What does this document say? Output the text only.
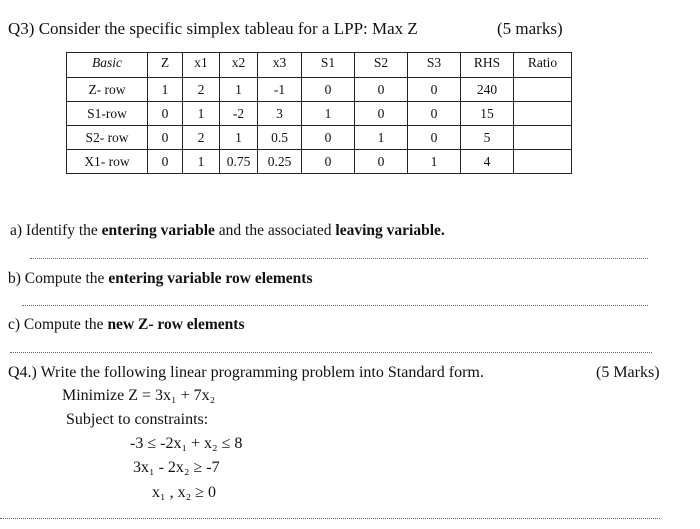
Q3) Consider the specific simplex tableau for a LPP: Max Z	(5 marks)
Basic	Z	x1	x2	x3	S1	S2	S3	RHS	Ratio
Z- row	1	2	1	-1	0	0	0	240	
S1-row	0	1	-2	3	1	0	0	15	
S2- row	0	2	1	0.5	0	1	0	5	
X1- row	0	1	0.75	0.25	0	0	1	4	
a) Identify the entering variable and the associated leaving variable.
b) Compute the entering variable row elements
c) Compute the new Z- row elements
Q4.) Write the following linear programming problem into Standard form.	(5 Marks)
Minimize Z = 3x₁ + 7x₂
Subject to constraints:
-3 ≤ -2x₁ + x₂ ≤ 8
3x₁ - 2x₂ ≥ -7
x₁ , x₂ ≥ 0
